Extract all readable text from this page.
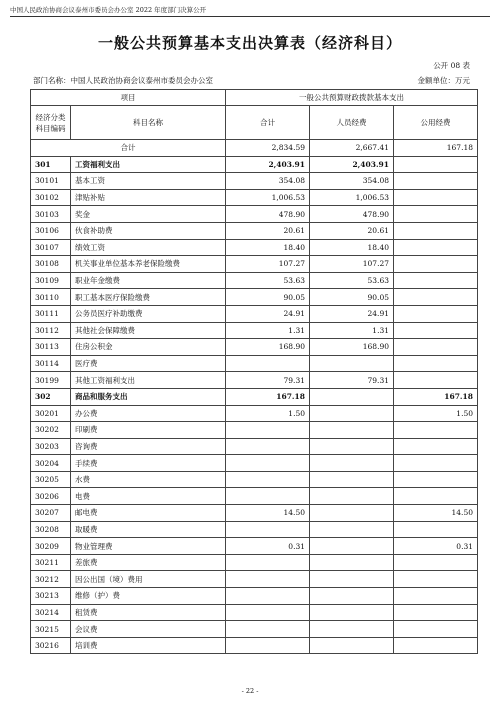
中国人民政治协商会议泰州市委员会办公室 2022 年度部门决算公开
一般公共预算基本支出决算表（经济科目）
公开 08 表
部门名称：中国人民政治协商会议泰州市委员会办公室	金额单位：万元
项目		一般公共预算财政拨款基本支出		
经济分类科目编码	科目名称	合计	人员经费	公用经费
合计		2,834.59	2,667.41	167.18
301	工资福利支出	2,403.91	2,403.91	
30101	基本工资	354.08	354.08	
30102	津贴补贴	1,006.53	1,006.53	
30103	奖金	478.90	478.90	
30106	伙食补助费	20.61	20.61	
30107	绩效工资	18.40	18.40	
30108	机关事业单位基本养老保险缴费	107.27	107.27	
30109	职业年金缴费	53.63	53.63	
30110	职工基本医疗保险缴费	90.05	90.05	
30111	公务员医疗补助缴费	24.91	24.91	
30112	其他社会保障缴费	1.31	1.31	
30113	住房公积金	168.90	168.90	
30114	医疗费			
30199	其他工资福利支出	79.31	79.31	
302	商品和服务支出	167.18		167.18
30201	办公费	1.50		1.50
30202	印刷费			
30203	咨询费			
30204	手续费			
30205	水费			
30206	电费			
30207	邮电费	14.50		14.50
30208	取暖费			
30209	物业管理费	0.31		0.31
30211	差旅费			
30212	因公出国（境）费用			
30213	维修（护）费			
30214	租赁费			
30215	会议费			
30216	培训费			
- 22 -
